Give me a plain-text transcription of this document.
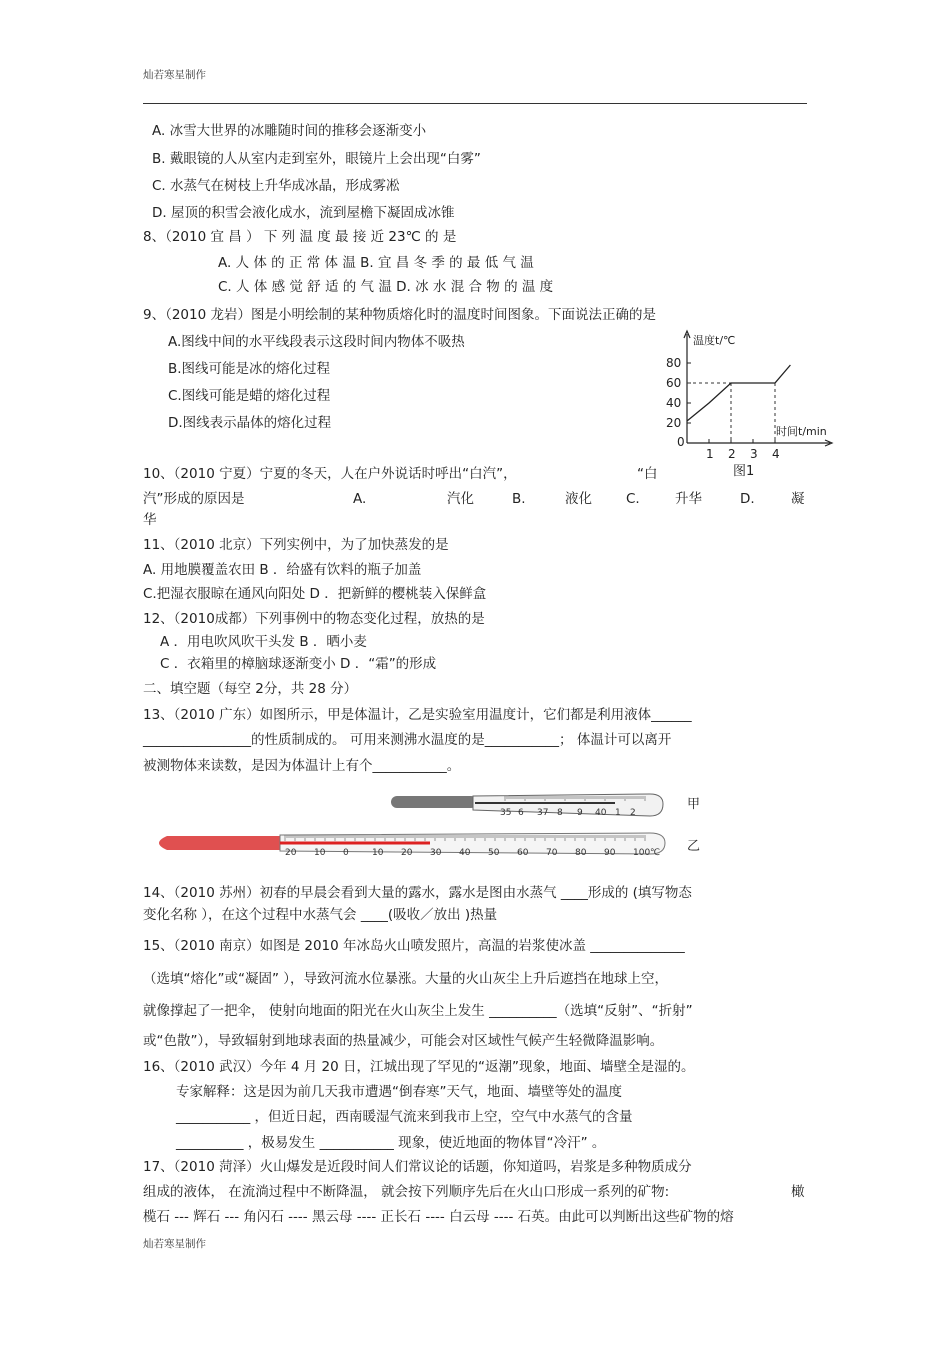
灿若寒星制作
A. 冰雪大世界的冰雕随时间的推移会逐渐变小
B. 戴眼镜的人从室内走到室外，眼镜片上会出现“白雾”
C. 水蒸气在树枝上升华成冰晶，形成雾凇
D. 屋顶的积雪会液化成水，流到屋檐下凝固成冰锥
8、（2010 宜 昌 ） 下 列 温 度 最 接 近 23℃ 的 是
A. 人 体 的 正 常 体 温 B. 宜 昌 冬 季 的 最 低 气 温
C. 人 体 感 觉 舒 适 的 气 温 D. 冰 水 混 合 物 的 温 度
9、（2010 龙岩）图是小明绘制的某种物质熔化时的温度时间图象。下面说法正确的是
A.图线中间的水平线段表示这段时间内物体不吸热
B.图线可能是冰的熔化过程
C.图线可能是蜡的熔化过程
D.图线表示晶体的熔化过程
温度t/℃
时间t/min
图1
20
40
60
80
0
1 2 3 4
10、（2010 宁夏）宁夏的冬天，人在户外说话时呼出“白汽”，	“白
汽”形成的原因是	A.	汽化	B.	液化	C.	升华	D.	凝
华
11、（2010 北京）下列实例中，为了加快蒸发的是
A. 用地膜覆盖农田 B ．给盛有饮料的瓶子加盖
C.把湿衣服晾在通风向阳处 D ．把新鲜的樱桃装入保鲜盒
12、（2010成都）下列事例中的物态变化过程，放热的是
A ．用电吹风吹干头发 B ．晒小麦
C ．衣箱里的樟脑球逐渐变小 D ．“霜”的形成
二、填空题（每空 2分，共 28 分）
13、（2010 广东）如图所示，甲是体温计，乙是实验室用温度计，它们都是利用液体______
________________的性质制成的。 可用来测沸水温度的是___________； 体温计可以离开
被测物体来读数，是因为体温计上有个___________。
35 6 37 8 9 40 1 2
甲
20 10 0	10 20 30 40 50 60 70 80 90 100 ℃ 乙
14、（2010 苏州）初春的早晨会看到大量的露水，露水是图由水蒸气 ____形成的 (填写物态
变化名称 ），在这个过程中水蒸气会 ____(吸收／放出 )热量
15、（2010 南京）如图是 2010 年冰岛火山喷发照片，高温的岩浆使冰盖 ______________
（选填“熔化”或“凝固” ），导致河流水位暴涨。大量的火山灰尘上升后遮挡在地球上空，
就像撑起了一把伞， 使射向地面的阳光在火山灰尘上发生 __________（选填“反射”、“折射”
或“色散”），导致辐射到地球表面的热量减少，可能会对区域性气候产生轻微降温影响。
16、（2010 武汉）今年 4 月 20 日，江城出现了罕见的“返潮”现象，地面、墙壁全是湿的。
专家解释：这是因为前几天我市遭遇“倒春寒”天气，地面、墙壁等处的温度
___________ ，但近日起，西南暖湿气流来到我市上空，空气中水蒸气的含量
__________ ，极易发生 ___________ 现象，使近地面的物体冒“冷汗” 。
17、（2010 菏泽）火山爆发是近段时间人们常议论的话题，你知道吗，岩浆是多种物质成分
组成的液体， 在流淌过程中不断降温， 就会按下列顺序先后在火山口形成一系列的矿物:	橄
榄石 --- 辉石 --- 角闪石 ---- 黑云母 ---- 正长石 ---- 白云母 ---- 石英。由此可以判断出这些矿物的熔
灿若寒星制作
